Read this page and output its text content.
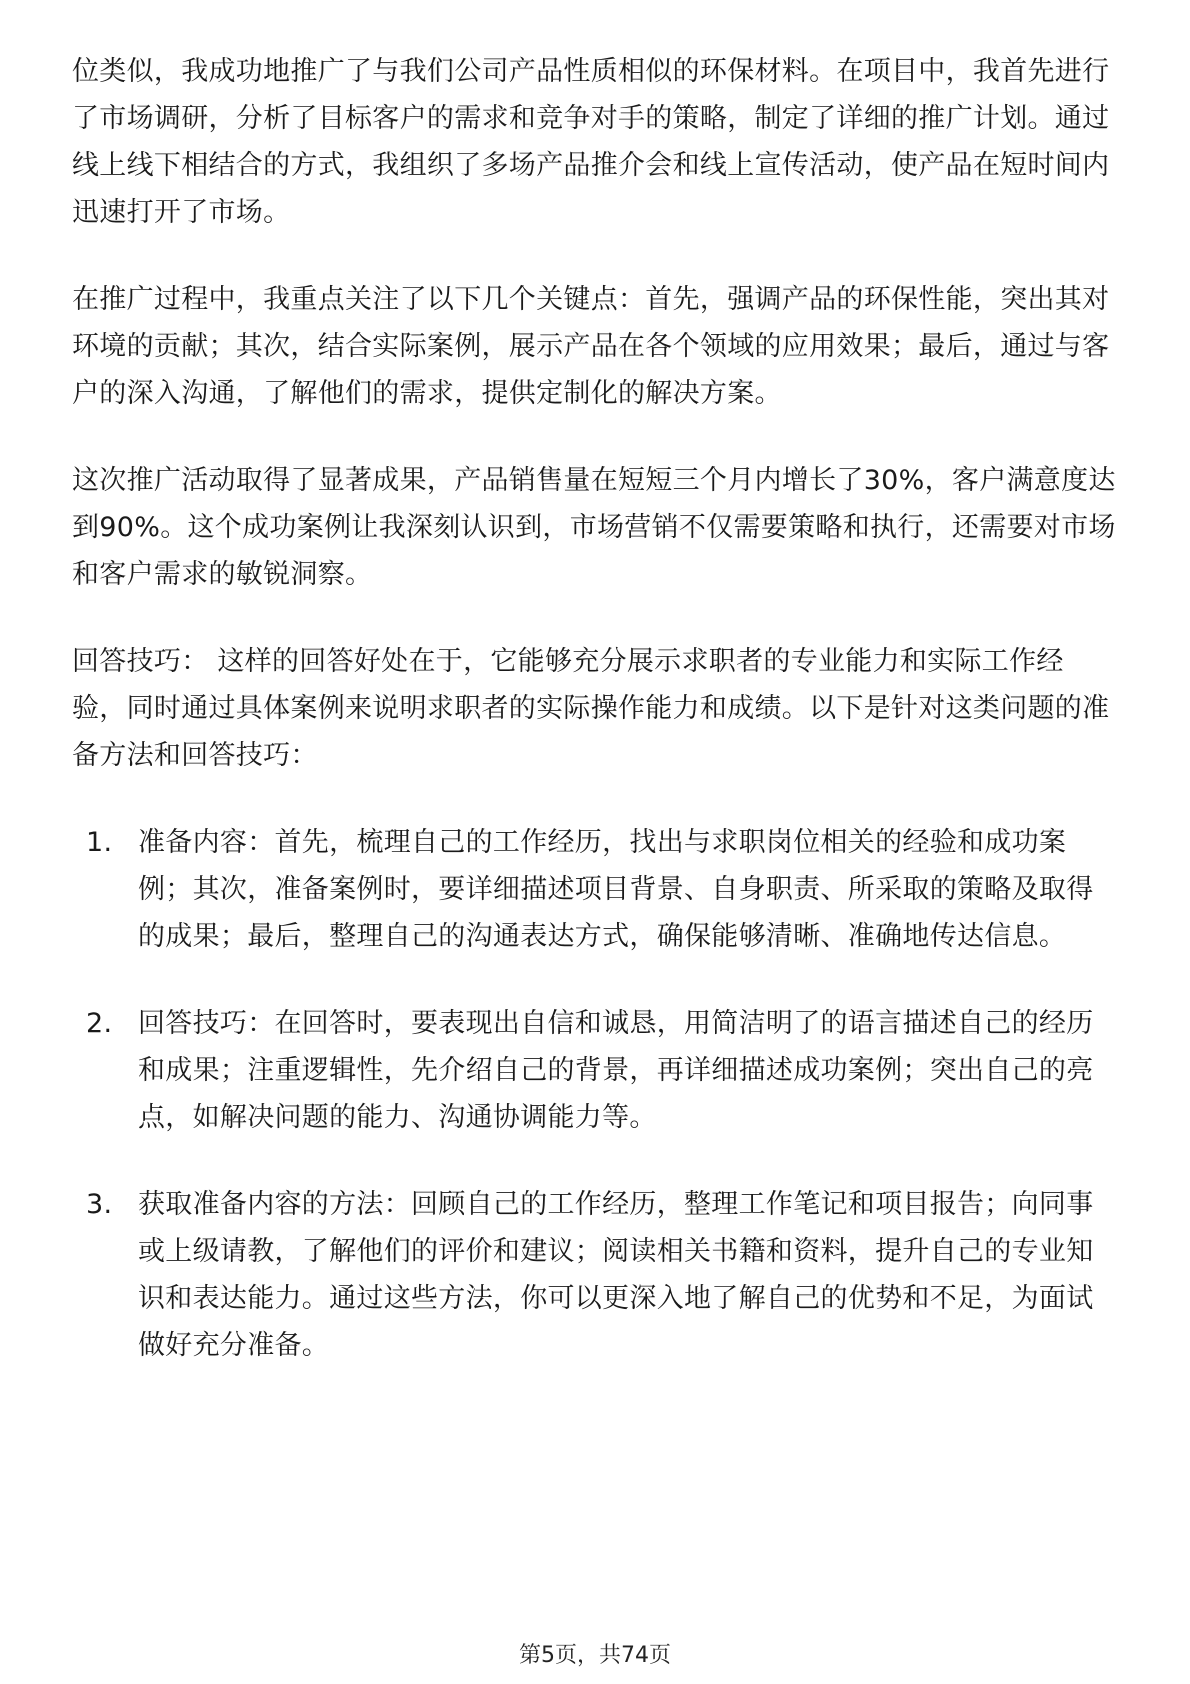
位类似，我成功地推广了与我们公司产品性质相似的环保材料。在项目中，我首先进行了市场调研，分析了目标客户的需求和竞争对手的策略，制定了详细的推广计划。通过线上线下相结合的方式，我组织了多场产品推介会和线上宣传活动，使产品在短时间内迅速打开了市场。

在推广过程中，我重点关注了以下几个关键点：首先，强调产品的环保性能，突出其对环境的贡献；其次，结合实际案例，展示产品在各个领域的应用效果；最后，通过与客户的深入沟通，了解他们的需求，提供定制化的解决方案。

这次推广活动取得了显著成果，产品销售量在短短三个月内增长了30%，客户满意度达到90%。这个成功案例让我深刻认识到，市场营销不仅需要策略和执行，还需要对市场和客户需求的敏锐洞察。

回答技巧： 这样的回答好处在于，它能够充分展示求职者的专业能力和实际工作经验，同时通过具体案例来说明求职者的实际操作能力和成绩。以下是针对这类问题的准备方法和回答技巧：

1. 准备内容：首先，梳理自己的工作经历，找出与求职岗位相关的经验和成功案例；其次，准备案例时，要详细描述项目背景、自身职责、所采取的策略及取得的成果；最后，整理自己的沟通表达方式，确保能够清晰、准确地传达信息。
2. 回答技巧：在回答时，要表现出自信和诚恳，用简洁明了的语言描述自己的经历和成果；注重逻辑性，先介绍自己的背景，再详细描述成功案例；突出自己的亮点，如解决问题的能力、沟通协调能力等。
3. 获取准备内容的方法：回顾自己的工作经历，整理工作笔记和项目报告；向同事或上级请教，了解他们的评价和建议；阅读相关书籍和资料，提升自己的专业知识和表达能力。通过这些方法，你可以更深入地了解自己的优势和不足，为面试做好充分准备。
第5页，共74页
